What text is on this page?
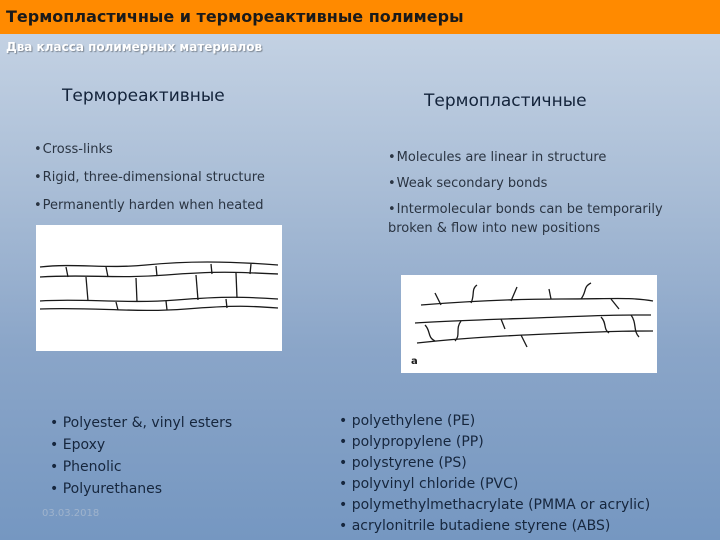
Термопластичные и термореактивные полимеры
Два класса полимерных материалов
Термореактивные
• Cross-links
• Rigid, three-dimensional structure
• Permanently harden when heated
• Polyester &, vinyl esters
• Epoxy
• Phenolic
• Polyurethanes
03.03.2018
Термопластичные
• Molecules are linear in structure
• Weak secondary bonds
• Intermolecular bonds can be temporarily
broken & flow into new positions
a
• polyethylene (PE)
• polypropylene (PP)
• polystyrene (PS)
• polyvinyl chloride (PVC)
• polymethylmethacrylate (PMMA or acrylic)
• acrylonitrile butadiene styrene (ABS)
